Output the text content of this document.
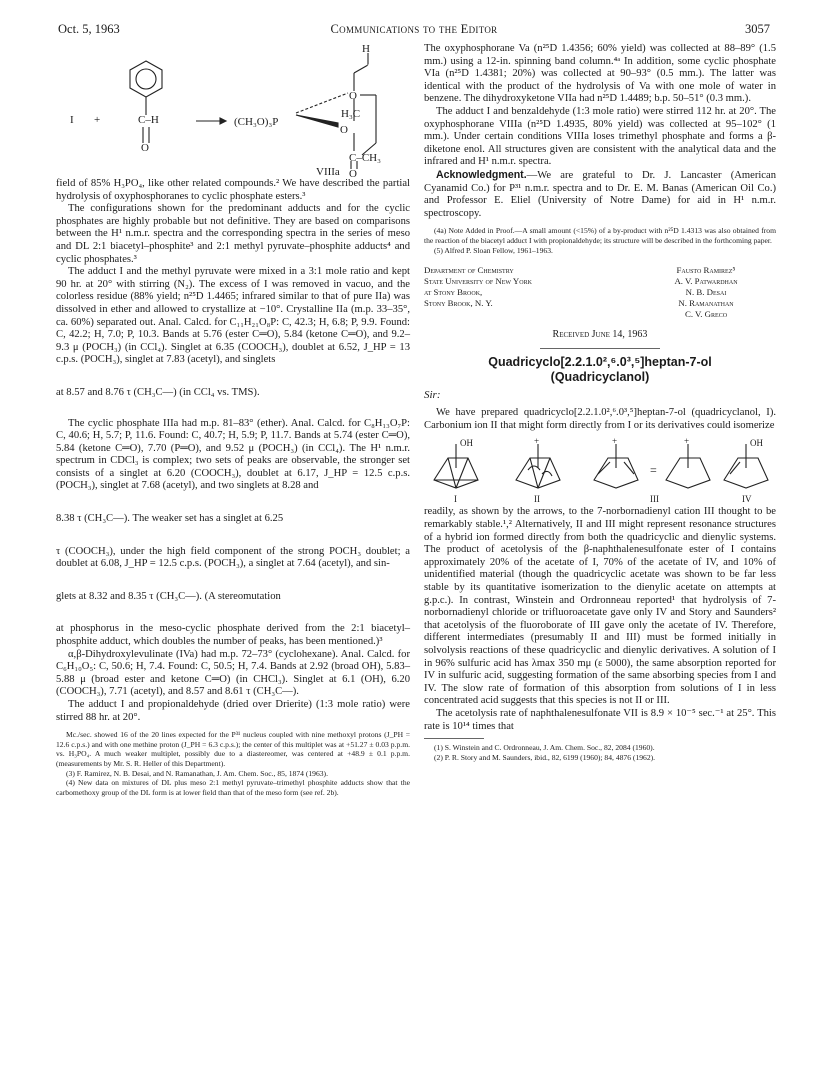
Oct. 5, 1963	Communications to the Editor	3057
I +	C–H
O
(CH₃O)₃P
H
O
H₃C
O
C–CH₃
VIIIa O

field of 85% H₃PO₄, like other related compounds.² We have described the partial hydrolysis of oxyphosphoranes to cyclic phosphate esters.³

The configurations shown for the predominant adducts and for the cyclic phosphates are highly probable but not definitive. They are based on comparisons between the H¹ n.m.r. spectra and the corresponding spectra in the series of meso and DL 2:1 biacetyl–phosphite³ and 2:1 methyl pyruvate–phosphite adducts⁴ and cyclic phosphates.³

The adduct I and the methyl pyruvate were mixed in a 3:1 mole ratio and kept 90 hr. at 20° with stirring (N₂). The excess of I was removed in vacuo, and the colorless residue (88% yield; n²⁵D 1.4465; infrared similar to that of pure IIa) was dissolved in ether and allowed to crystallize at −10°. Crystalline IIa (m.p. 33–35°, ca. 60%) separated out. Anal. Calcd. for C₁₁H₂₁O₈P: C, 42.3; H, 6.8; P, 9.9. Found: C, 42.2; H, 7.0; P, 10.3. Bands at 5.76 (ester C═O), 5.84 (ketone C═O), and 9.2–9.3 μ (POCH₃) (in CCl₄). Singlet at 6.35 (COOCH₃), doublet at 6.52, J_HP = 13 c.p.s. (POCH₃), singlet at 7.83 (acetyl), and singlets

at 8.57 and 8.76 τ (CH₃C—) (in CCl₄ vs. TMS).

The cyclic phosphate IIIa had m.p. 81–83° (ether). Anal. Calcd. for C₈H₁₃O₇P: C, 40.6; H, 5.7; P, 11.6. Found: C, 40.7; H, 5.9; P, 11.7. Bands at 5.74 (ester C═O), 5.84 (ketone C═O), 7.70 (P═O), and 9.52 μ (POCH₃) (in CCl₄). The H¹ n.m.r. spectrum in CDCl₃ is complex; two sets of peaks are observable, the stronger set consists of a singlet at 6.20 (COOCH₃), doublet at 6.17, J_HP = 12.5 c.p.s. (POCH₃), singlet at 7.68 (acetyl), and two singlets at 8.28 and

8.38 τ (CH₃C—). The weaker set has a singlet at 6.25

τ (COOCH₃), under the high field component of the strong POCH₃ doublet; a doublet at 6.08, J_HP = 12.5 c.p.s. (POCH₃), a singlet at 7.64 (acetyl), and sin-

glets at 8.32 and 8.35 τ (CH₃C—). (A stereomutation

at phosphorus in the meso-cyclic phosphate derived from the 2:1 biacetyl–phosphite adduct, which doubles the number of peaks, has been mentioned.)³

α,β-Dihydroxylevulinate (IVa) had m.p. 72–73° (cyclohexane). Anal. Calcd. for C₆H₁₀O₅: C, 50.6; H, 7.4. Found: C, 50.5; H, 7.4. Bands at 2.92 (broad OH), 5.83–5.88 μ (broad ester and ketone C═O) (in CHCl₃). Singlet at 6.1 (OH), 6.20 (COOCH₃), 7.71 (acetyl), and 8.57 and 8.61 τ (CH₃C—).

The adduct I and propionaldehyde (dried over Drierite) (1:3 mole ratio) were stirred 88 hr. at 20°.

Mc./sec. showed 16 of the 20 lines expected for the P³¹ nucleus coupled with nine methoxyl protons (J_PH = 12.6 c.p.s.) and with one methine proton (J_PH = 6.3 c.p.s.); the center of this multiplet was at +51.27 ± 0.03 p.p.m. vs. H₃PO₄. A much weaker multiplet, possibly due to a diastereomer, was centered at +48.9 ± 0.1 p.p.m. (measurements by Mr. S. R. Heller of this Department).

(3) F. Ramirez, N. B. Desai, and N. Ramanathan, J. Am. Chem. Soc., 85, 1874 (1963).

(4) New data on mixtures of DL plus meso 2:1 methyl pyruvate–trimethyl phosphite adducts show that the carbomethoxy group of the DL form is at lower field than that of the meso form (see ref. 2b).

The oxyphosphorane Va (n²⁵D 1.4356; 60% yield) was collected at 88–89° (1.5 mm.) using a 12-in. spinning band column.⁴ᵃ In addition, some cyclic phosphate VIa (n²⁵D 1.4381; 20%) was collected at 90–93° (0.5 mm.). The latter was identical with the product of the hydrolysis of Va with one mole of water in benzene. The dihydroxyketone VIIa had n²⁵D 1.4489; b.p. 50–51° (0.3 mm.).

The adduct I and benzaldehyde (1:3 mole ratio) were stirred 112 hr. at 20°. The oxyphosphorane VIIIa (n²⁵D 1.4935, 80% yield) was collected at 95–102° (1 mm.). Under certain conditions VIIIa loses trimethyl phosphate and forms a β-diketone enol. All structures given are consistent with the analytical data and the infrared and H¹ n.m.r. spectra.

Acknowledgment.—We are grateful to Dr. J. Lancaster (American Cyanamid Co.) for P³¹ n.m.r. spectra and to Dr. E. M. Banas (American Oil Co.) and Professor E. Eliel (University of Notre Dame) for aid in H¹ n.m.r. spectroscopy.

(4a) Note Added in Proof.—A small amount (<15%) of a by-product with n²⁵D 1.4313 was also obtained from the reaction of the biacetyl adduct I with propionaldehyde; its structure will be described in the forthcoming paper.

(5) Alfred P. Sloan Fellow, 1961–1963.

Department of Chemistry
State University of New York
at Stony Brook,
Stony Brook, N. Y.
Fausto Ramirez⁵
A. V. Patwardhan
N. B. Desai
N. Ramanathan
C. V. Greco
Received June 14, 1963
Quadricyclo[2.2.1.0²,⁶.0³,⁵]heptan-7-ol
(Quadricyclanol)
Sir:

We have prepared quadricyclo[2.2.1.0²,⁶.0³,⁵]heptan-7-ol (quadricyclanol, I). Carbonium ion II that might form directly from I or its derivatives could isomerize

OH	+	+
=
+	OH
I	II	III	IV

readily, as shown by the arrows, to the 7-norbornadienyl cation III thought to be remarkably stable.¹,² Alternatively, II and III might represent resonance structures of a hybrid ion formed directly from both the quadricyclic and dienylic systems. The product of acetolysis of the β-naphthalenesulfonate ester of I contains approximately 20% of the acetate of I, 70% of the acetate of IV, and 10% of unidentified material (though the quadricyclic acetate was shown to be far less stable by its quantitative isomerization to the dienylic acetate on attempts at g.p.c.). In contrast, Winstein and Ordronneau reported¹ that hydrolysis of 7-norbornadienyl chloride or trifluoroacetate gave only IV and Story and Saunders² that acetolysis of the fluoroborate of III gave only the acetate of IV. Therefore, different intermediates (presumably II and III) must be formed initially in solvolysis reactions of these quadricyclic and dienylic derivatives. A solution of I in 96% sulfuric acid has λmax 350 mμ (ε 5000), the same absorption reported for IV in sulfuric acid, suggesting formation of the same absorbing species from I and IV. The slow rate of formation of this absorption from solutions of I in less concentrated acid suggests that this species is not II or III.

The acetolysis rate of naphthalenesulfonate VII is 8.9 × 10⁻⁵ sec.⁻¹ at 25°. This rate is 10¹⁴ times that

(1) S. Winstein and C. Ordronneau, J. Am. Chem. Soc., 82, 2084 (1960).

(2) P. R. Story and M. Saunders, ibid., 82, 6199 (1960); 84, 4876 (1962).
